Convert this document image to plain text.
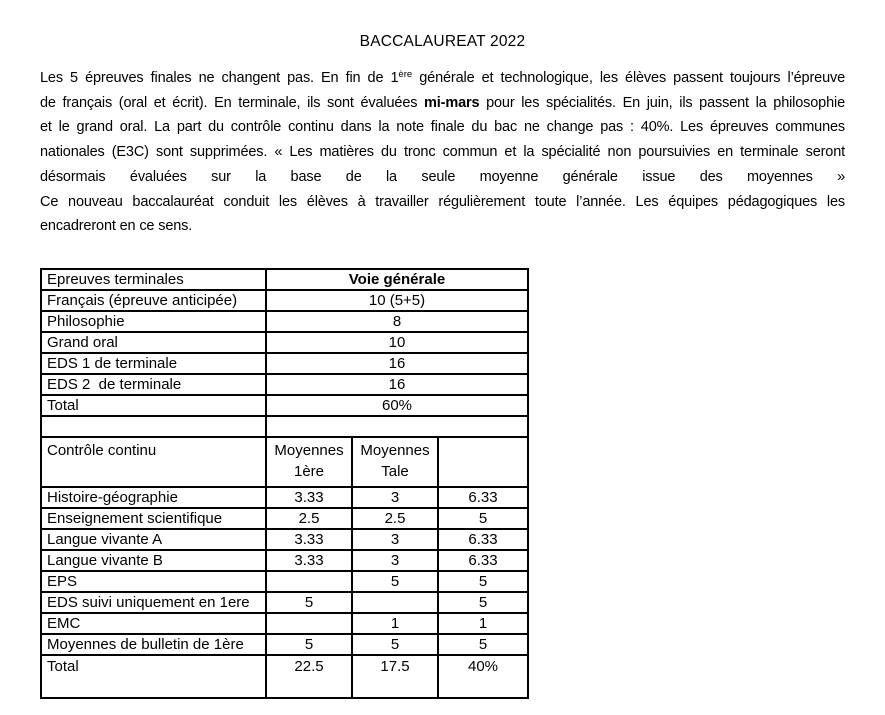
BACCALAUREAT 2022
Les 5 épreuves finales ne changent pas. En fin de 1ère générale et technologique, les élèves passent toujours l’épreuve
de français (oral et écrit). En terminale, ils sont évaluées mi-mars pour les spécialités. En juin, ils passent la philosophie
et le grand oral. La part du contrôle continu dans la note finale du bac ne change pas : 40%. Les épreuves communes
nationales (E3C) sont supprimées. « Les matières du tronc commun et la spécialité non poursuivies en terminale seront
désormais évaluées sur la base de la seule moyenne générale issue des moyennes »
Ce nouveau baccalauréat conduit les élèves à travailler régulièrement toute l’année. Les équipes pédagogiques les
encadreront en ce sens.
Epreuves terminales	Voie générale		
Français (épreuve anticipée)	10 (5+5)		
Philosophie	8		
Grand oral	10		
EDS 1 de terminale	16		
EDS 2  de terminale	16		
Total	60%		

Contrôle continu	Moyennes 1ère	Moyennes Tale	
Histoire-géographie	3.33	3	6.33
Enseignement scientifique	2.5	2.5	5
Langue vivante A	3.33	3	6.33
Langue vivante B	3.33	3	6.33
EPS		5	5
EDS suivi uniquement en 1ere	5		5
EMC		1	1
Moyennes de bulletin de 1ère	5	5	5
Total	22.5	17.5	40%
